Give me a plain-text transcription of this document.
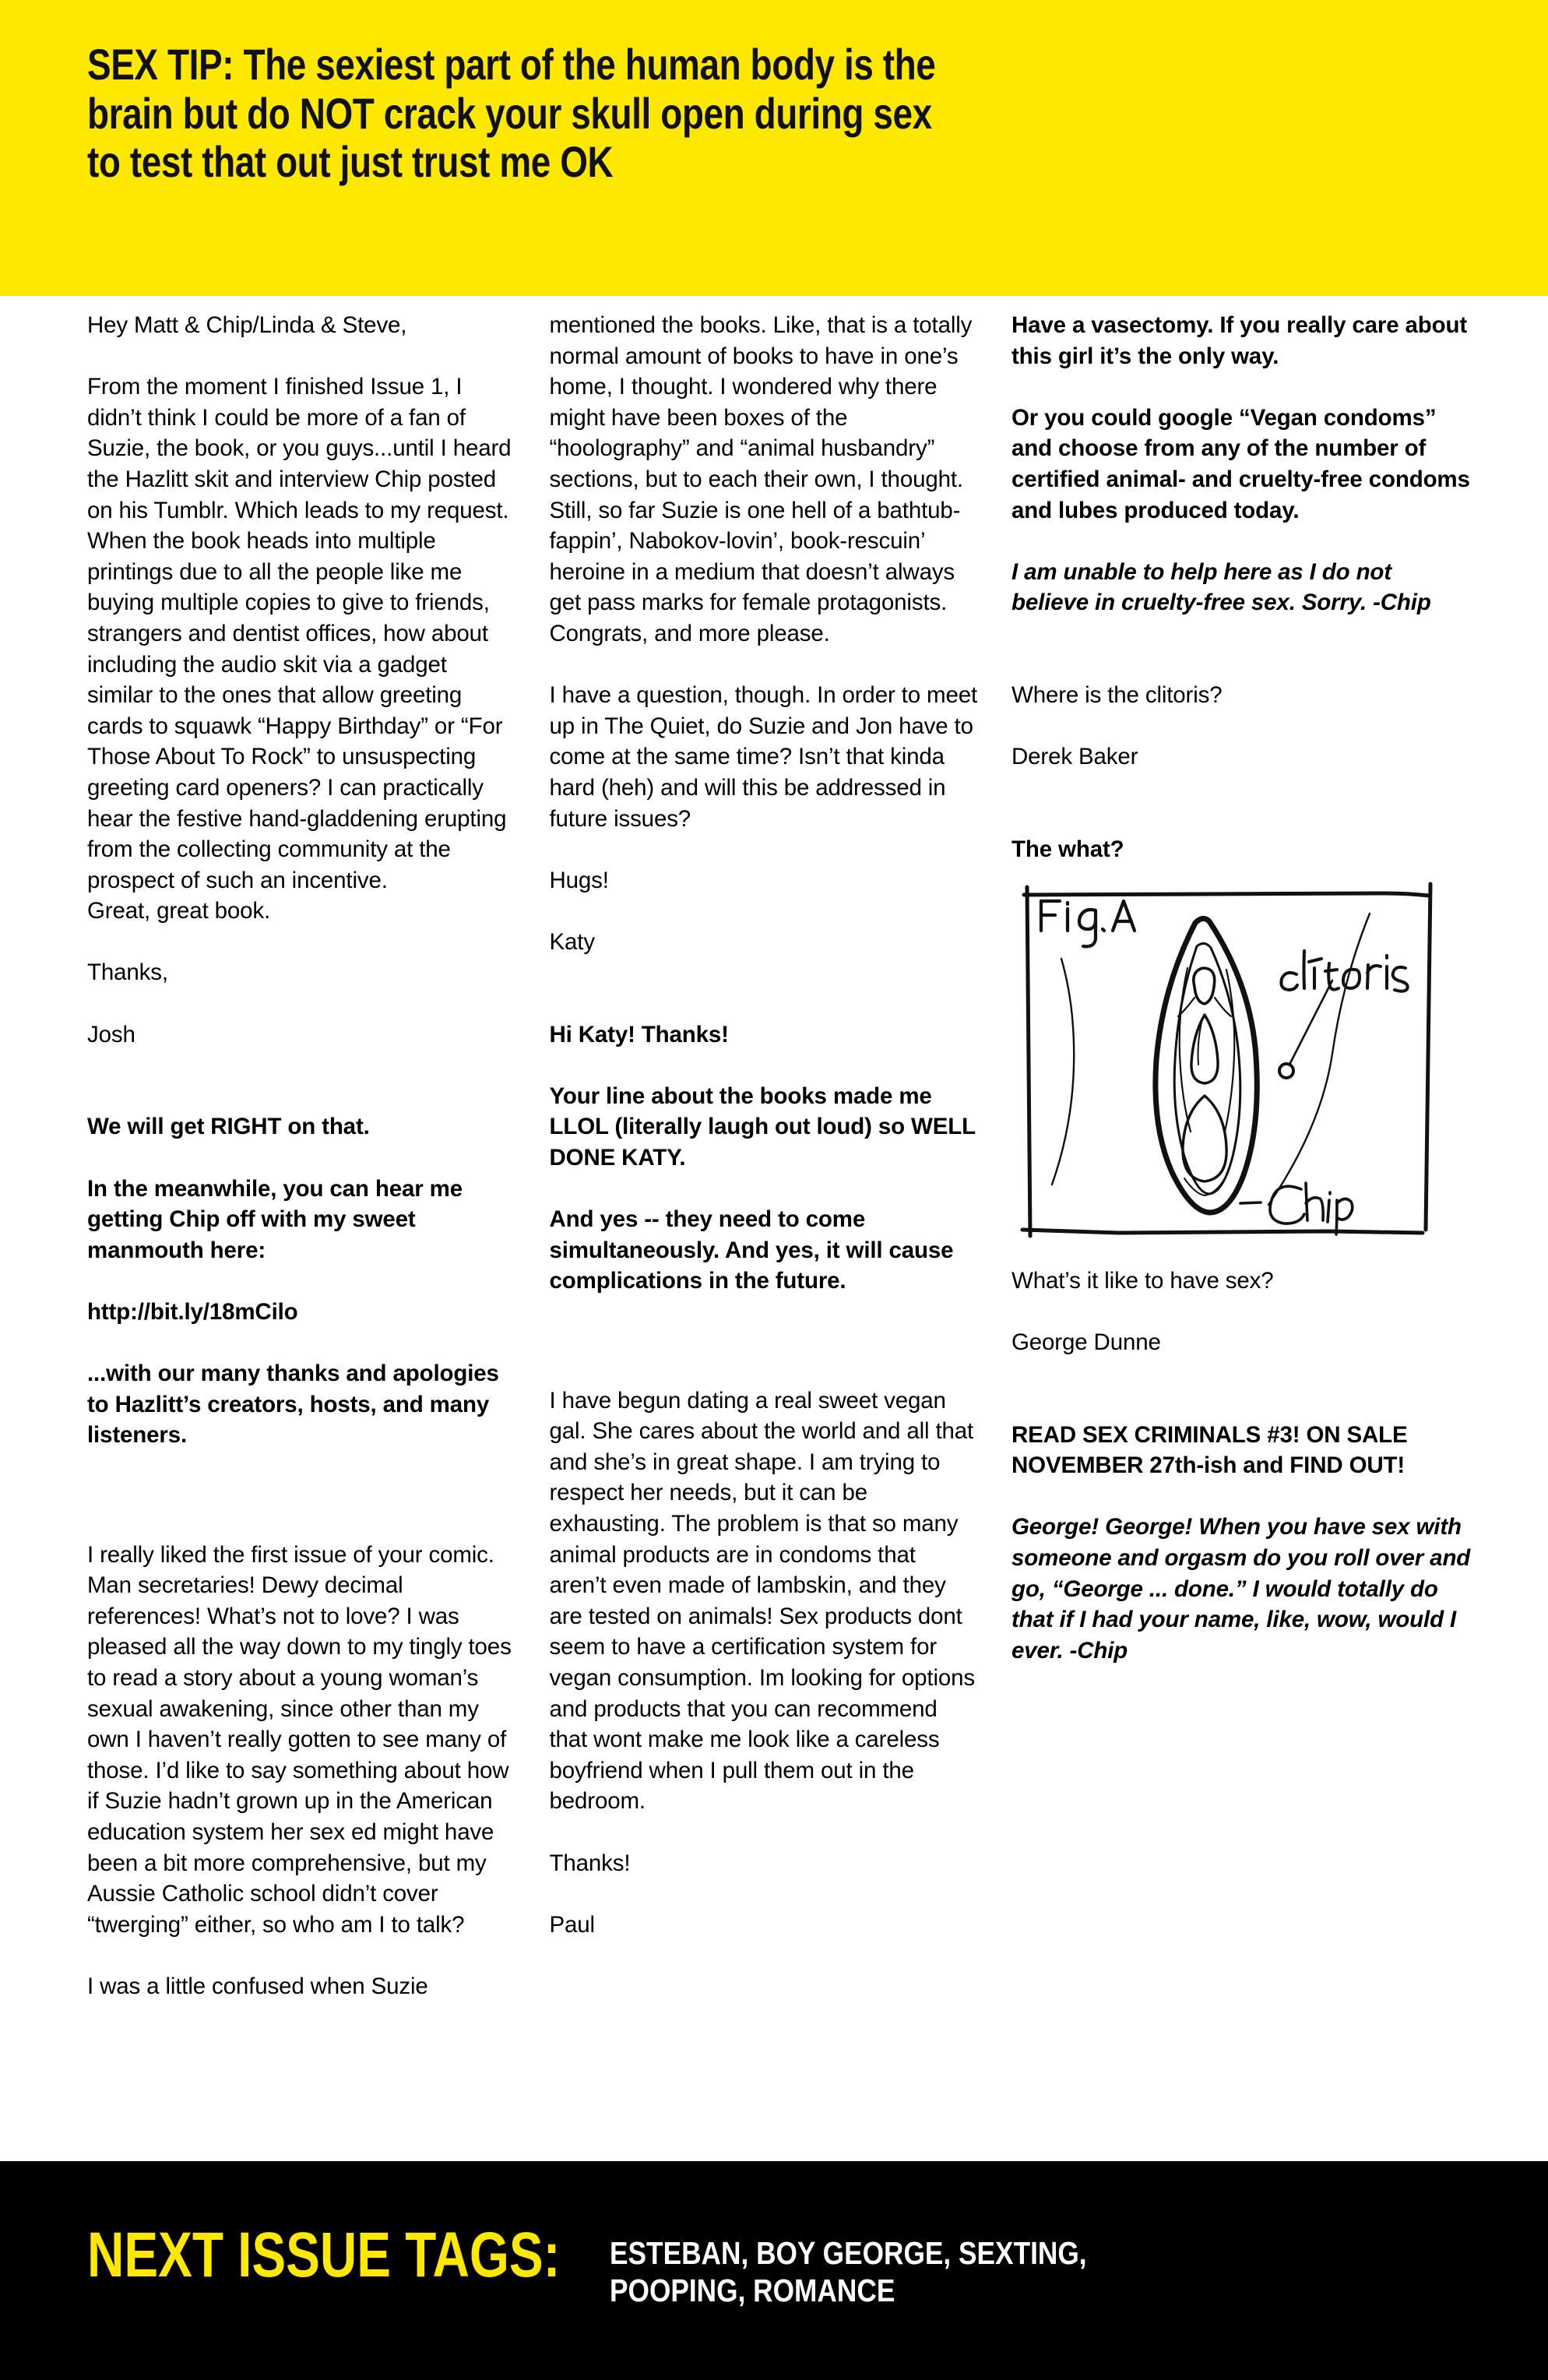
SEX TIP: The sexiest part of the human body is the
brain but do NOT crack your skull open during sex
to test that out just trust me OK

Hey Matt & Chip/Linda & Steve,

From the moment I finished Issue 1, I didn’t think I could be more of a fan of Suzie, the book, or you guys...until I heard the Hazlitt skit and interview Chip posted on his Tumblr. Which leads to my request. When the book heads into multiple printings due to all the people like me buying multiple copies to give to friends, strangers and dentist offices, how about including the audio skit via a gadget similar to the ones that allow greeting cards to squawk “Happy Birthday” or “For Those About To Rock” to unsuspecting greeting card openers? I can practically hear the festive hand-gladdening erupting from the collecting community at the prospect of such an incentive.

Great, great book.

Thanks,

Josh

We will get RIGHT on that.

In the meanwhile, you can hear me getting Chip off with my sweet manmouth here:

http://bit.ly/18mCilo

...with our many thanks and apologies to Hazlitt’s creators, hosts, and many listeners.

I really liked the first issue of your comic. Man secretaries! Dewy decimal references! What’s not to love? I was pleased all the way down to my tingly toes to read a story about a young woman’s sexual awakening, since other than my own I haven’t really gotten to see many of those. I’d like to say something about how if Suzie hadn’t grown up in the American education system her sex ed might have been a bit more comprehensive, but my Aussie Catholic school didn’t cover “twerging” either, so who am I to talk?

I was a little confused when Suzie

mentioned the books. Like, that is a totally normal amount of books to have in one’s home, I thought. I wondered why there might have been boxes of the “hoolography” and “animal husbandry” sections, but to each their own, I thought. Still, so far Suzie is one hell of a bathtub-fappin’, Nabokov-lovin’, book-rescuin’ heroine in a medium that doesn’t always get pass marks for female protagonists. Congrats, and more please.

I have a question, though. In order to meet up in The Quiet, do Suzie and Jon have to come at the same time? Isn’t that kinda hard (heh) and will this be addressed in future issues?

Hugs!

Katy

Hi Katy! Thanks!

Your line about the books made me LLOL (literally laugh out loud) so WELL DONE KATY.

And yes -- they need to come simultaneously. And yes, it will cause complications in the future.

I have begun dating a real sweet vegan gal. She cares about the world and all that and she’s in great shape. I am trying to respect her needs, but it can be exhausting. The problem is that so many animal products are in condoms that aren’t even made of lambskin, and they are tested on animals! Sex products dont seem to have a certification system for vegan consumption. Im looking for options and products that you can recommend that wont make me look like a careless boyfriend when I pull them out in the bedroom.

Thanks!

Paul

Have a vasectomy. If you really care about this girl it’s the only way.

Or you could google “Vegan condoms” and choose from any of the number of certified animal- and cruelty-free condoms and lubes produced today.

I am unable to help here as I do not believe in cruelty-free sex. Sorry. -Chip

Where is the clitoris?

Derek Baker

The what?

What’s it like to have sex?

George Dunne

READ SEX CRIMINALS #3! ON SALE NOVEMBER 27th-ish and FIND OUT!

George! George! When you have sex with someone and orgasm do you roll over and go, “George ... done.” I would totally do that if I had your name, like, wow, would I ever. -Chip

NEXT ISSUE TAGS: ESTEBAN, BOY GEORGE, SEXTING,
POOPING, ROMANCE
